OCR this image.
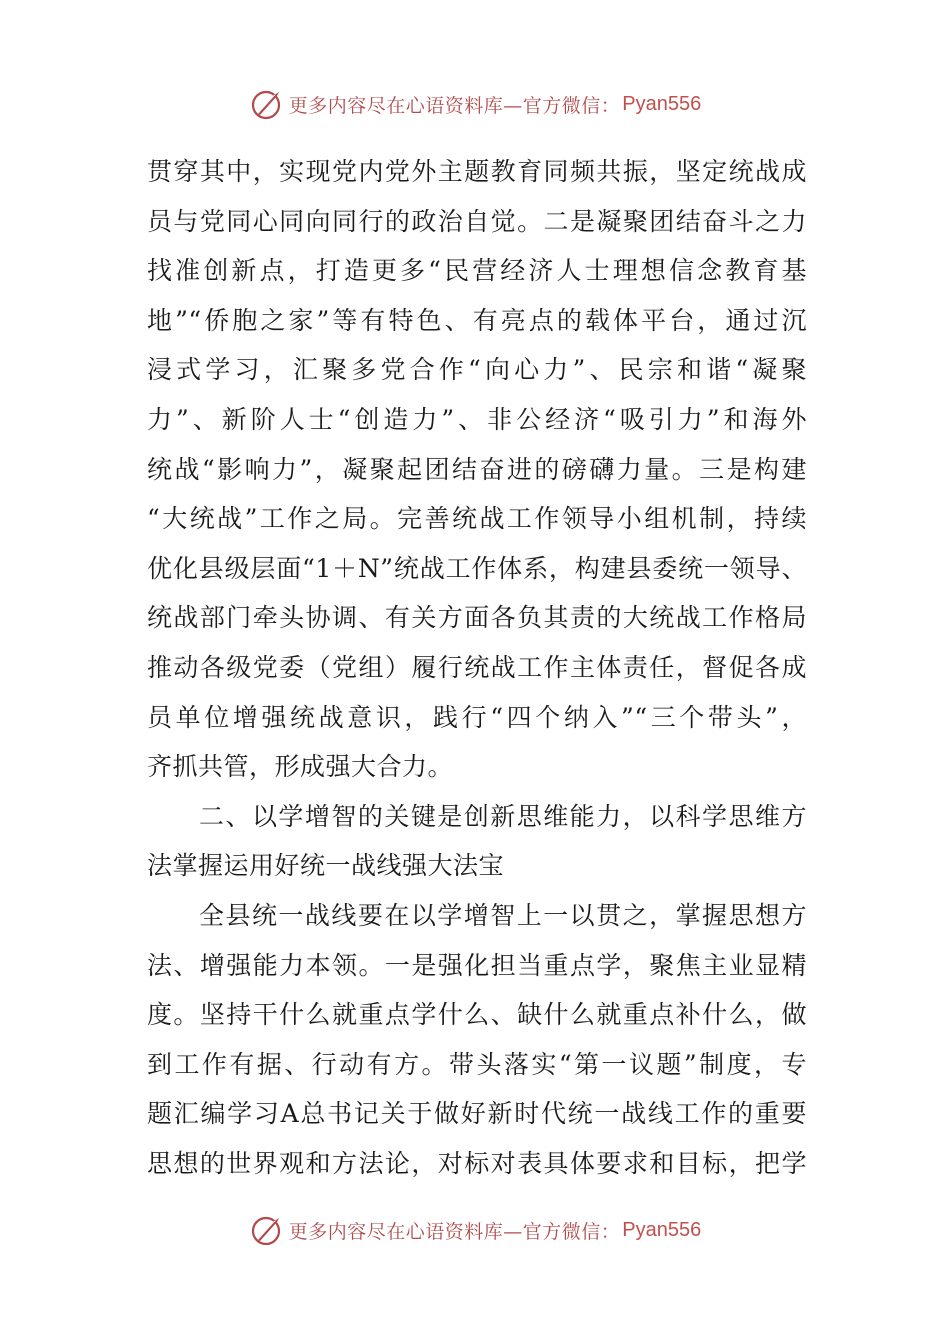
更多内容尽在心语资料库—官方微信： Pyan556
贯穿其中，实现党内党外主题教育同频共振，坚定统战成
员与党同心同向同行的政治自觉。二是凝聚团结奋斗之力
找准创新点，打造更多“民营经济人士理想信念教育基
地”“侨胞之家”等有特色、有亮点的载体平台，通过沉
浸式学习，汇聚多党合作“向心力”、民宗和谐“凝聚
力”、新阶人士“创造力”、非公经济“吸引力”和海外
统战“影响力”，凝聚起团结奋进的磅礴力量。三是构建
“大统战”工作之局。完善统战工作领导小组机制，持续
优化县级层面“1＋N”统战工作体系，构建县委统一领导、
统战部门牵头协调、有关方面各负其责的大统战工作格局
推动各级党委（党组）履行统战工作主体责任，督促各成
员单位增强统战意识，践行“四个纳入”“三个带头”，
齐抓共管，形成强大合力。
二、以学增智的关键是创新思维能力，以科学思维方
法掌握运用好统一战线强大法宝
全县统一战线要在以学增智上一以贯之，掌握思想方
法、增强能力本领。一是强化担当重点学，聚焦主业显精
度。坚持干什么就重点学什么、缺什么就重点补什么，做
到工作有据、行动有方。带头落实“第一议题”制度，专
题汇编学习A总书记关于做好新时代统一战线工作的重要
思想的世界观和方法论，对标对表具体要求和目标，把学
更多内容尽在心语资料库—官方微信： Pyan556
